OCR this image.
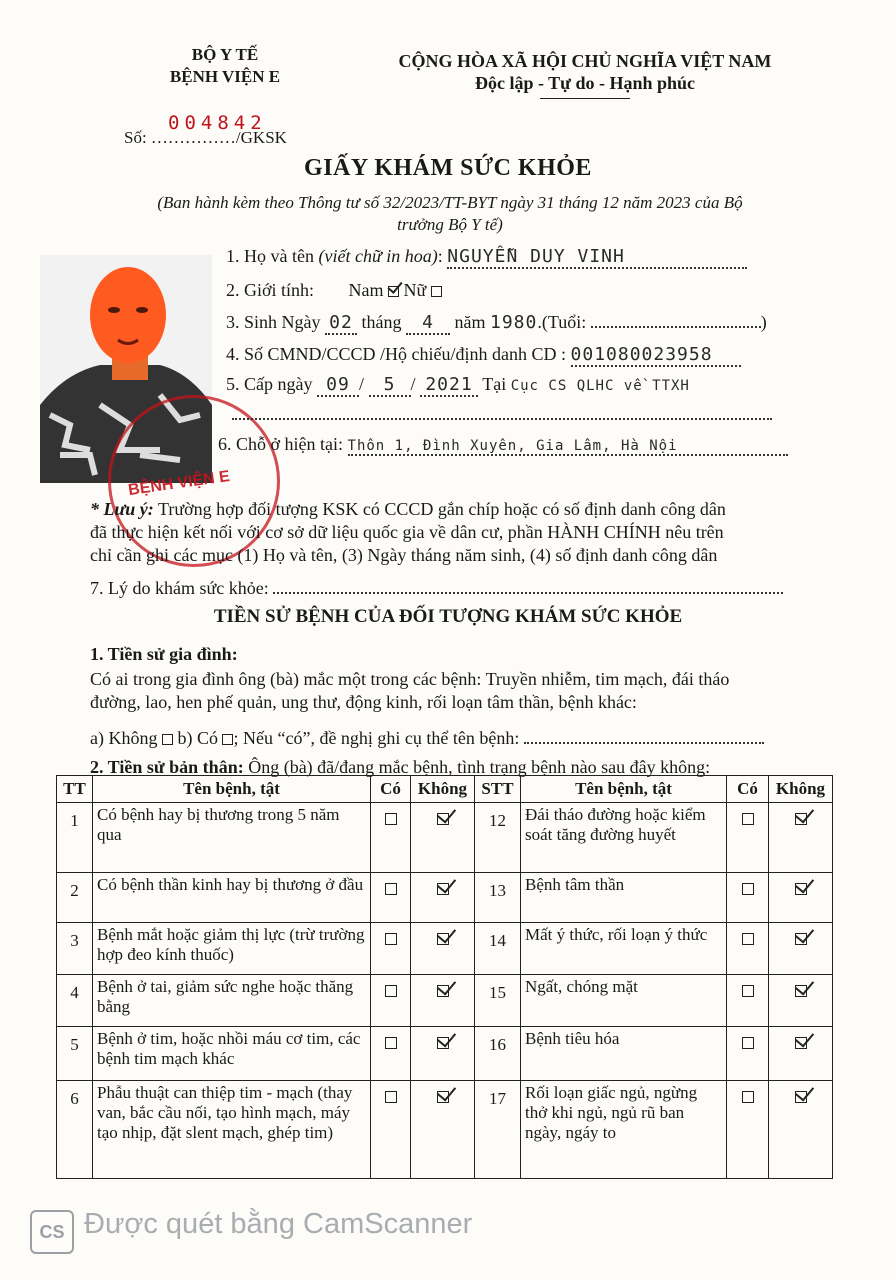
BỘ Y TẾ
BỆNH VIỆN E
CỘNG HÒA XÃ HỘI CHỦ NGHĨA VIỆT NAM
Độc lập - Tự do - Hạnh phúc
004842
Số: ……………/GKSK
GIẤY KHÁM SỨC KHỎE
(Ban hành kèm theo Thông tư số 32/2023/TT-BYT ngày 31 tháng 12 năm 2023 của Bộ
trưởng Bộ Y tế)
BỆNH VIỆN E
1. Họ và tên (viết chữ in hoa): NGUYỄN DUY VINH
2. Giới tính: Nam Nữ
3. Sinh Ngày 02 tháng 4 năm 1980.(Tuổi:	)
4. Số CMND/CCCD /Hộ chiếu/định danh CD : 001080023958
5. Cấp ngày 09 / 5 / 2021 Tại Cục CS QLHC về TTXH
6. Chỗ ở hiện tại: Thôn 1, Đình Xuyên, Gia Lâm, Hà Nội
* Lưu ý: Trường hợp đối tượng KSK có CCCD gắn chíp hoặc có số định danh công dân
đã thực hiện kết nối với cơ sở dữ liệu quốc gia về dân cư, phần HÀNH CHÍNH nêu trên
chỉ cần ghi các mục (1) Họ và tên, (3) Ngày tháng năm sinh, (4) số định danh công dân
7. Lý do khám sức khỏe:
TIỀN SỬ BỆNH CỦA ĐỐI TƯỢNG KHÁM SỨC KHỎE
1. Tiền sử gia đình:
Có ai trong gia đình ông (bà) mắc một trong các bệnh: Truyền nhiễm, tim mạch, đái tháo
đường, lao, hen phế quản, ung thư, động kinh, rối loạn tâm thần, bệnh khác:
a) Không b) Có ; Nếu “có”, đề nghị ghi cụ thể tên bệnh:
2. Tiền sử bản thân: Ông (bà) đã/đang mắc bệnh, tình trạng bệnh nào sau đây không:
TT	Tên bệnh, tật	Có	Không	STT	Tên bệnh, tật	Có	Không
1	Có bệnh hay bị thương trong 5 năm qua			12	Đái tháo đường hoặc kiểm soát tăng đường huyết		
2	Có bệnh thần kinh hay bị thương ở đầu			13	Bệnh tâm thần		
3	Bệnh mắt hoặc giảm thị lực (trừ trường hợp đeo kính thuốc)			14	Mất ý thức, rối loạn ý thức		
4	Bệnh ở tai, giảm sức nghe hoặc thăng bằng			15	Ngất, chóng mặt		
5	Bệnh ở tim, hoặc nhồi máu cơ tim, các bệnh tim mạch khác			16	Bệnh tiêu hóa		
6	Phẫu thuật can thiệp tim - mạch (thay van, bắc cầu nối, tạo hình mạch, máy tạo nhịp, đặt slent mạch, ghép tim)			17	Rối loạn giấc ngủ, ngừng thở khi ngủ, ngủ rũ ban ngày, ngáy to		
CS Được quét bằng CamScanner
